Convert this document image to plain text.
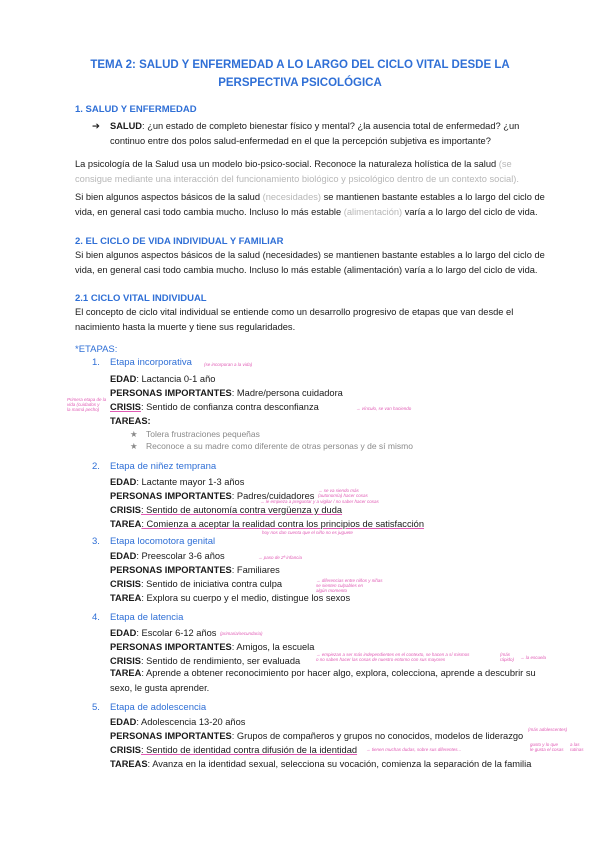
TEMA 2: SALUD Y ENFERMEDAD A LO LARGO DEL CICLO VITAL DESDE LA
PERSPECTIVA PSICOLÓGICA
1. SALUD Y ENFERMEDAD
➔	SALUD: ¿un estado de completo bienestar físico y mental? ¿la ausencia total de enfermedad? ¿un continuo entre dos polos salud-enfermedad en el que la percepción subjetiva es importante?
La psicología de la Salud usa un modelo bio-psico-social. Reconoce la naturaleza holística de la salud (se consigue mediante una interacción del funcionamiento biológico y psicológico dentro de un contexto social).
Si bien algunos aspectos básicos de la salud (necesidades) se mantienen bastante estables a lo largo del ciclo de vida, en general casi todo cambia mucho. Incluso lo más estable (alimentación) varía a lo largo del ciclo de vida.
2. EL CICLO DE VIDA INDIVIDUAL Y FAMILIAR
Si bien algunos aspectos básicos de la salud (necesidades) se mantienen bastante estables a lo largo del ciclo de vida, en general casi todo cambia mucho. Incluso lo más estable (alimentación) varía a lo largo del ciclo de vida.
2.1 CICLO VITAL INDIVIDUAL
El concepto de ciclo vital individual se entiende como un desarrollo progresivo de etapas que van desde el nacimiento hasta la muerte y tiene sus regularidades.
*ETAPAS:
1. Etapa incorporativa	(se incorporan a la vida)
EDAD: Lactancia 0-1 año
PERSONAS IMPORTANTES: Madre/persona cuidadora
Primera etapa de la
vida (cuidados y
la mamá pecho)	CRISIS: Sentido de confianza contra desconfianza	→ vínculo, se van haciendo
TAREAS:
★ Tolera frustraciones pequeñas
★ Reconoce a su madre como diferente de otras personas y de sí mismo
2. Etapa de niñez temprana
EDAD: Lactante mayor 1-3 años
PERSONAS IMPORTANTES: Padres/cuidadores
→ se va siendo más
(autonomía) hacer cosas
→ le empieza a preguntar y a vigilar / no saber hacer cosas
CRISIS: Sentido de autonomía contra vergüenza y duda
TAREA: Comienza a aceptar la realidad contra los principios de satisfacción
hoy nos dan cuenta que el niño no es juguete
3. Etapa locomotora genital
EDAD: Preescolar 3-6 años	→ paso de 2ª infancia
PERSONAS IMPORTANTES: Familiares
CRISIS: Sentido de iniciativa contra culpa	→ diferencias entre niños y niñas
se sienten culpables en
algún momento
TAREA: Explora su cuerpo y el medio, distingue los sexos
4. Etapa de latencia
EDAD: Escolar 6-12 años (primaria/secundaria)
PERSONAS IMPORTANTES: Amigos, la escuela
CRISIS: Sentido de rendimiento, ser evaluada
→ empiezan a ser más independientes en el contexto, se hacen a sí mismos
o no saben hacer las cosas de nuestro entorno con sus mayores
(más
rápido) → la escuela
TAREA: Aprende a obtener reconocimiento por hacer algo, explora, colecciona, aprende a descubrir su sexo, le gusta aprender.
5. Etapa de adolescencia
EDAD: Adolescencia 13-20 años
(más adolescentes)
PERSONAS IMPORTANTES: Grupos de compañeros y grupos no conocidos, modelos de liderazgo
CRISIS: Sentido de identidad contra difusión de la identidad	→ tienen muchas dudas, sobre sus diferentes...
gusto y lo que
le gusta el cosas
a las
rutinas
TAREAS: Avanza en la identidad sexual, selecciona su vocación, comienza la separación de la familia
